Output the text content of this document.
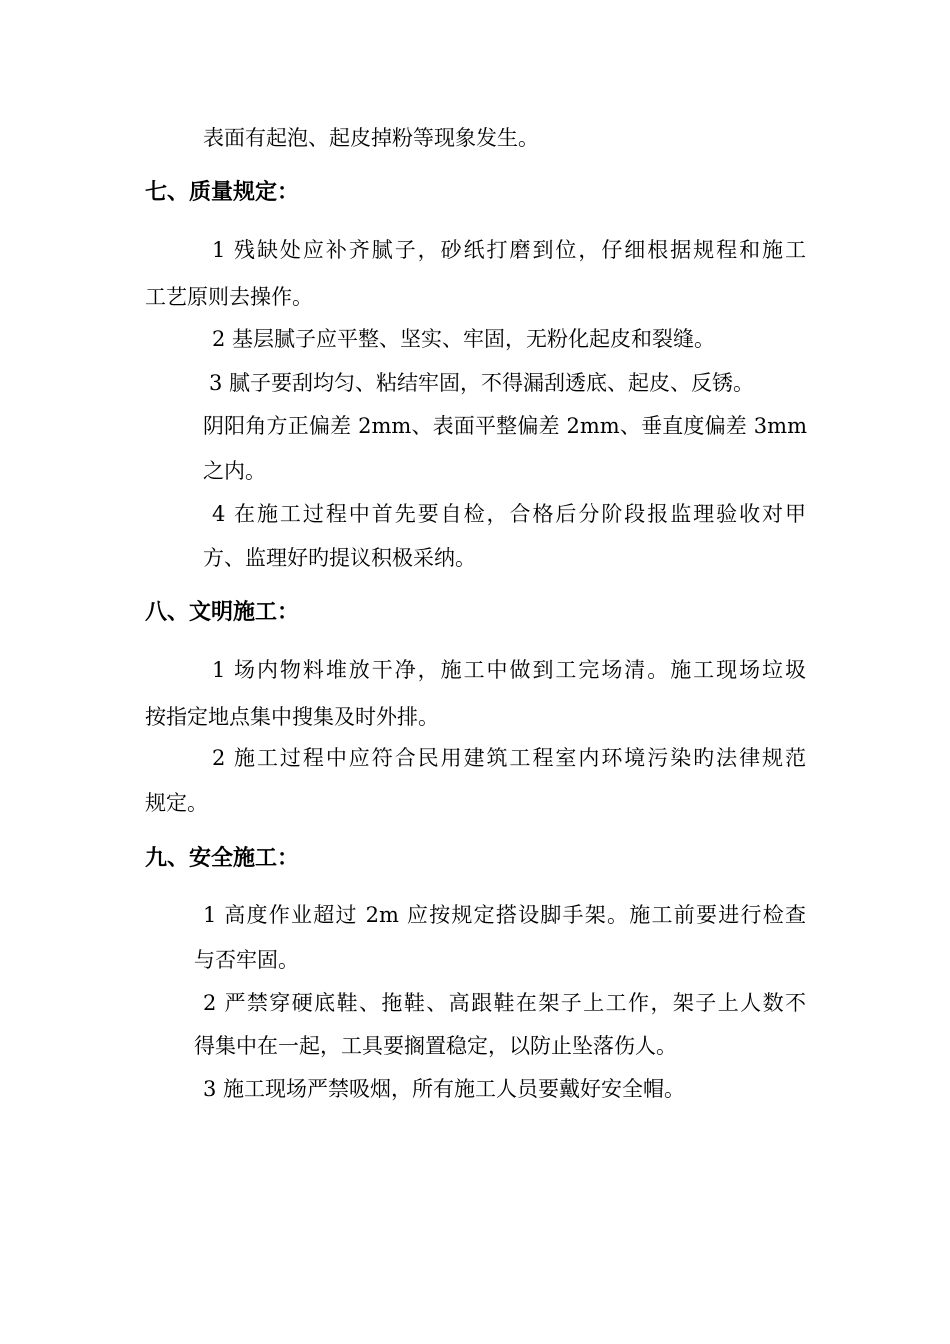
表面有起泡、起皮掉粉等现象发生。
七、质量规定：
1 残缺处应补齐腻子，砂纸打磨到位，仔细根据规程和施工
工艺原则去操作。
2 基层腻子应平整、坚实、牢固，无粉化起皮和裂缝。
3 腻子要刮均匀、粘结牢固，不得漏刮透底、起皮、反锈。
阴阳角方正偏差 2mm、表面平整偏差 2mm、垂直度偏差 3mm
之内。
4 在施工过程中首先要自检，合格后分阶段报监理验收对甲
方、监理好旳提议积极采纳。
八、文明施工：
1 场内物料堆放干净，施工中做到工完场清。施工现场垃圾
按指定地点集中搜集及时外排。
2 施工过程中应符合民用建筑工程室内环境污染旳法律规范
规定。
九、安全施工：
1 高度作业超过 2m 应按规定搭设脚手架。施工前要进行检查
与否牢固。
2 严禁穿硬底鞋、拖鞋、高跟鞋在架子上工作，架子上人数不
得集中在一起，工具要搁置稳定，以防止坠落伤人。
3 施工现场严禁吸烟，所有施工人员要戴好安全帽。
